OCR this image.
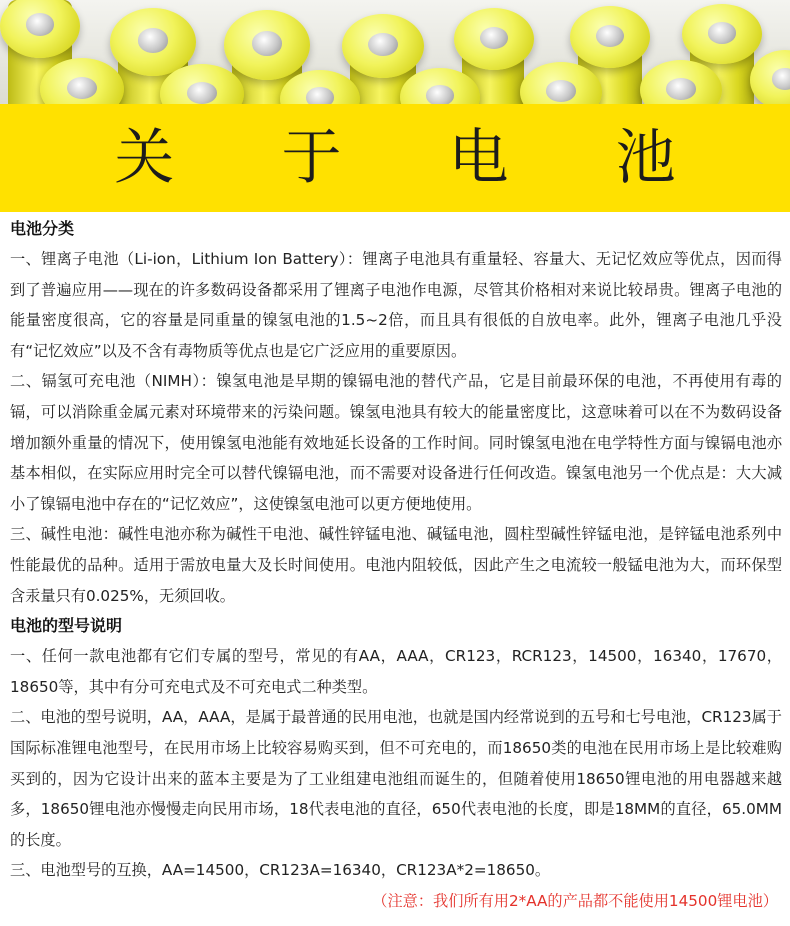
关 于 电 池
电池分类

一、锂离子电池（Li-ion，Lithium Ion Battery）：锂离子电池具有重量轻、容量大、无记忆效应等优点，因而得到了普遍应用——现在的许多数码设备都采用了锂离子电池作电源，尽管其价格相对来说比较昂贵。锂离子电池的能量密度很高，它的容量是同重量的镍氢电池的1.5~2倍，而且具有很低的自放电率。此外，锂离子电池几乎没有“记忆效应”以及不含有毒物质等优点也是它广泛应用的重要原因。

二、镉氢可充电池（NIMH）：镍氢电池是早期的镍镉电池的替代产品，它是目前最环保的电池，不再使用有毒的镉，可以消除重金属元素对环境带来的污染问题。镍氢电池具有较大的能量密度比，这意味着可以在不为数码设备增加额外重量的情况下，使用镍氢电池能有效地延长设备的工作时间。同时镍氢电池在电学特性方面与镍镉电池亦基本相似，在实际应用时完全可以替代镍镉电池，而不需要对设备进行任何改造。镍氢电池另一个优点是：大大减小了镍镉电池中存在的“记忆效应”，这使镍氢电池可以更方便地使用。

三、碱性电池：碱性电池亦称为碱性干电池、碱性锌锰电池、碱锰电池，圆柱型碱性锌锰电池，是锌锰电池系列中性能最优的品种。适用于需放电量大及长时间使用。电池内阻较低，因此产生之电流较一般锰电池为大，而环保型含汞量只有0.025%，无须回收。

电池的型号说明

一、任何一款电池都有它们专属的型号，常见的有AA，AAA，CR123，RCR123，14500，16340，17670，18650等，其中有分可充电式及不可充电式二种类型。

二、电池的型号说明，AA，AAA，是属于最普通的民用电池，也就是国内经常说到的五号和七号电池，CR123属于国际标准锂电池型号，在民用市场上比较容易购买到，但不可充电的，而18650类的电池在民用市场上是比较难购买到的，因为它设计出来的蓝本主要是为了工业组建电池组而诞生的，但随着使用18650锂电池的用电器越来越多，18650锂电池亦慢慢走向民用市场，18代表电池的直径，650代表电池的长度，即是18MM的直径，65.0MM的长度。

三、电池型号的互换，AA=14500，CR123A=16340，CR123A*2=18650。

（注意：我们所有用2*AA的产品都不能使用14500锂电池）
